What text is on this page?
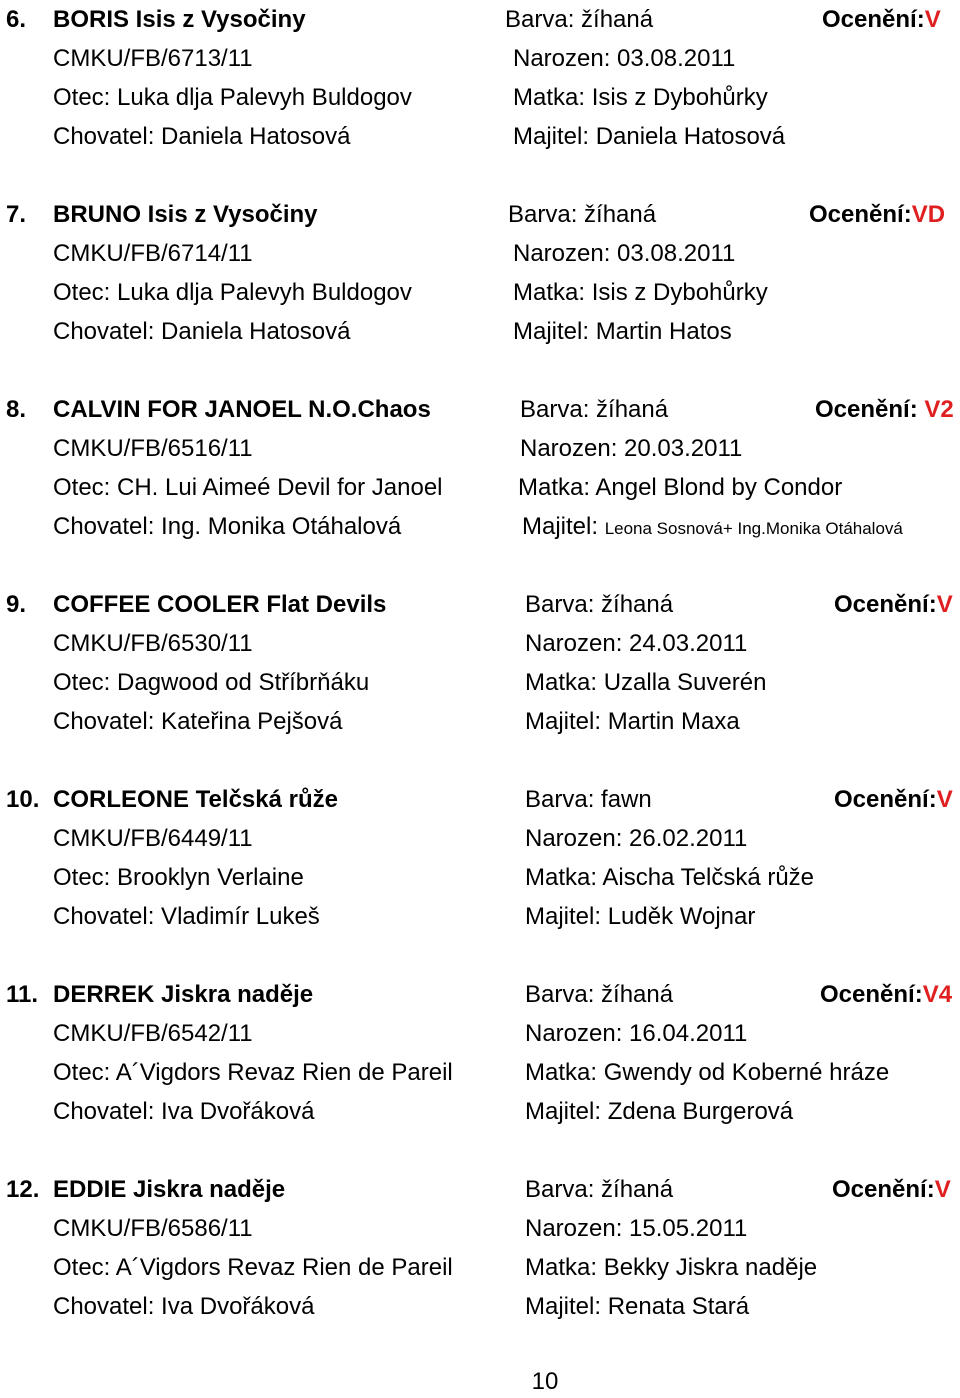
6. BORIS Isis z Vysočiny	Barva: žíhaná	Ocenění:V
CMKU/FB/6713/11	Narozen: 03.08.2011
Otec: Luka dlja Palevyh Buldogov	Matka: Isis z Dybohůrky
Chovatel: Daniela Hatosová	Majitel: Daniela Hatosová
7. BRUNO Isis z Vysočiny	Barva: žíhaná	Ocenění:VD
CMKU/FB/6714/11	Narozen: 03.08.2011
Otec: Luka dlja Palevyh Buldogov	Matka: Isis z Dybohůrky
Chovatel: Daniela Hatosová	Majitel: Martin Hatos
8. CALVIN FOR JANOEL N.O.Chaos	Barva: žíhaná	Ocenění: V2
CMKU/FB/6516/11	Narozen: 20.03.2011
Otec: CH. Lui Aimeé Devil for Janoel	Matka: Angel Blond by Condor
Chovatel: Ing. Monika Otáhalová	Majitel: Leona Sosnová+ Ing.Monika Otáhalová
9. COFFEE COOLER Flat Devils	Barva: žíhaná	Ocenění:V
CMKU/FB/6530/11	Narozen: 24.03.2011
Otec: Dagwood od Stříbrňáku	Matka: Uzalla Suverén
Chovatel: Kateřina Pejšová	Majitel: Martin Maxa
10. CORLEONE Telčská růže	Barva: fawn	Ocenění:V
CMKU/FB/6449/11	Narozen: 26.02.2011
Otec: Brooklyn Verlaine	Matka: Aischa Telčská růže
Chovatel: Vladimír Lukeš	Majitel: Luděk Wojnar
11. DERREK Jiskra naděje	Barva: žíhaná	Ocenění:V4
CMKU/FB/6542/11	Narozen: 16.04.2011
Otec: A´Vigdors Revaz Rien de Pareil	Matka: Gwendy od Koberné hráze
Chovatel: Iva Dvořáková	Majitel: Zdena Burgerová
12. EDDIE Jiskra naděje	Barva: žíhaná	Ocenění:V
CMKU/FB/6586/11	Narozen: 15.05.2011
Otec: A´Vigdors Revaz Rien de Pareil	Matka: Bekky Jiskra naděje
Chovatel: Iva Dvořáková	Majitel: Renata Stará
10
